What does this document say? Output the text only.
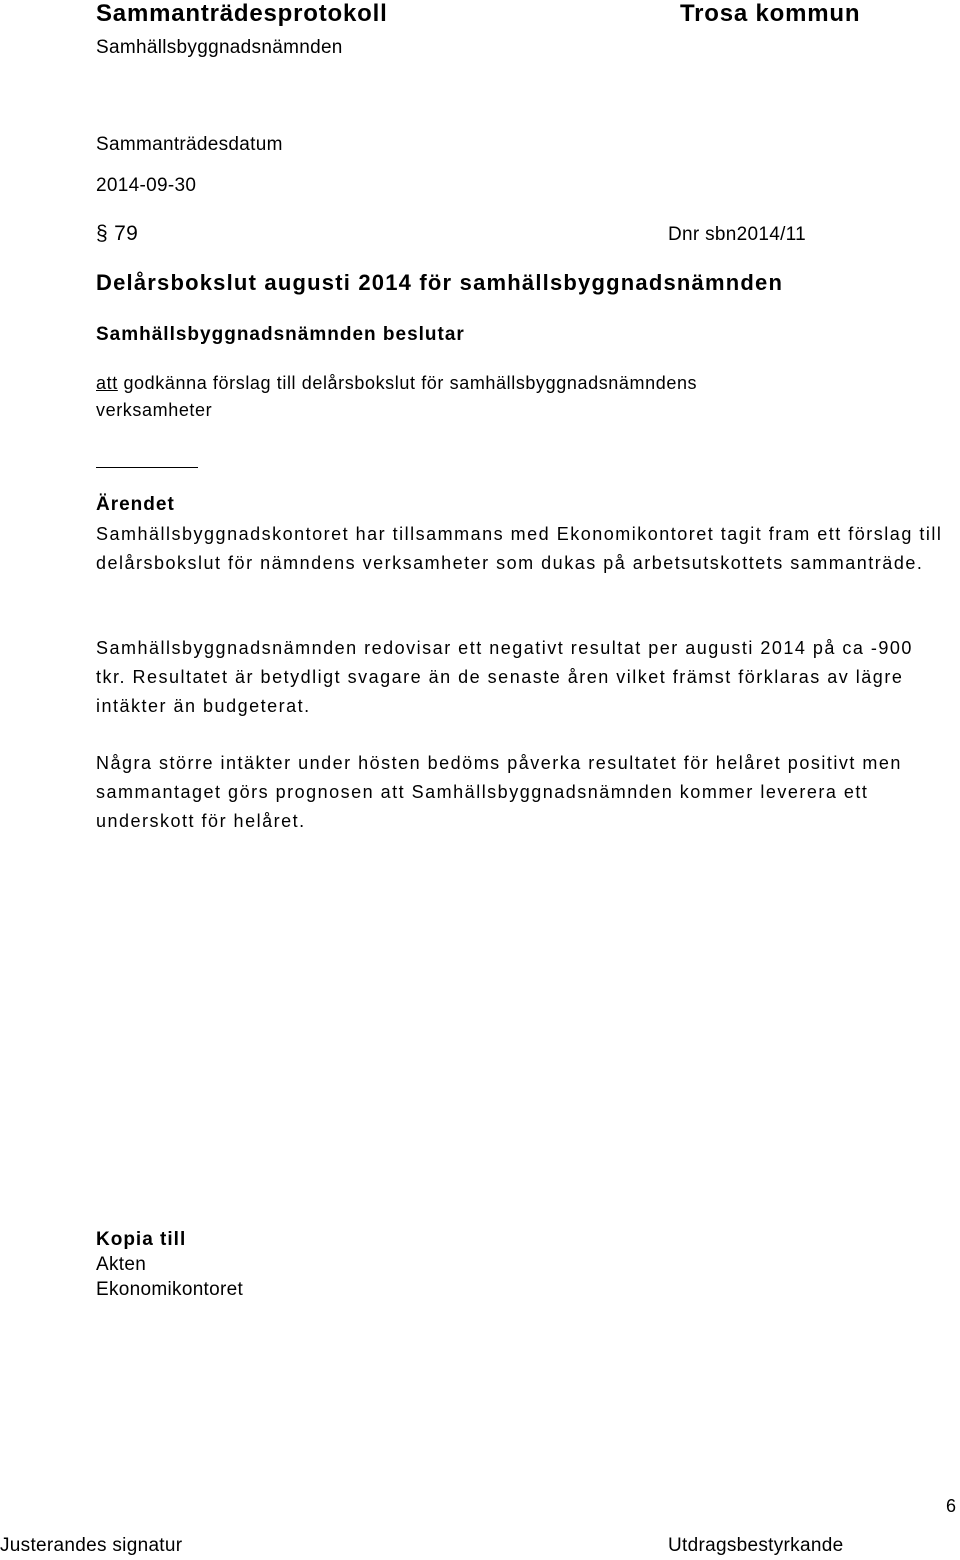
Sammanträdesprotokoll	Trosa kommun
Samhällsbyggnadsnämnden
Sammanträdesdatum
2014-09-30
§ 79	Dnr sbn2014/11
Delårsbokslut augusti 2014 för samhällsbyggnadsnämnden
Samhällsbyggnadsnämnden beslutar
att godkänna förslag till delårsbokslut för samhällsbyggnadsnämndens
verksamheter
Ärendet
Samhällsbyggnadskontoret har tillsammans med Ekonomikontoret tagit fram ett förslag till delårsbokslut för nämndens verksamheter som dukas på arbetsutskottets sammanträde.
Samhällsbyggnadsnämnden redovisar ett negativt resultat per augusti 2014 på ca -900 tkr. Resultatet är betydligt svagare än de senaste åren vilket främst förklaras av lägre intäkter än budgeterat.
Några större intäkter under hösten bedöms påverka resultatet för helåret positivt men sammantaget görs prognosen att Samhällsbyggnadsnämnden kommer leverera ett underskott för helåret.
Kopia till
Akten
Ekonomikontoret
Justerandes signatur	Utdragsbestyrkande
6
